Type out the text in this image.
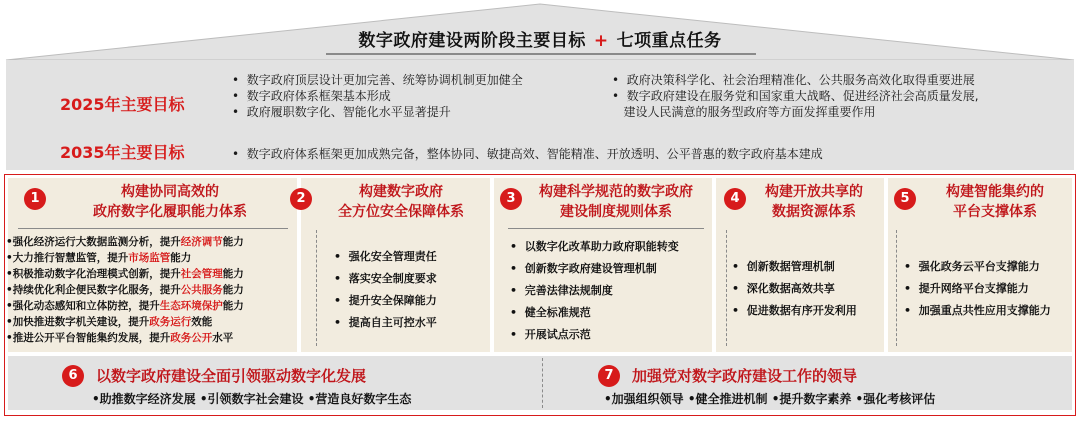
数字政府建设两阶段主要目标 + 七项重点任务
2025年主要目标
• 数字政府顶层设计更加完善、统筹协调机制更加健全
• 数字政府体系框架基本形成
• 政府履职数字化、智能化水平显著提升
• 政府决策科学化、社会治理精准化、公共服务高效化取得重要进展
• 数字政府建设在服务党和国家重大战略、促进经济社会高质量发展,
建设人民满意的服务型政府等方面发挥重要作用
2035年主要目标	• 数字政府体系框架更加成熟完备，整体协同、敏捷高效、智能精准、开放透明、公平普惠的数字政府基本建成
1	构建协同高效的
政府数字化履职能力体系
•强化经济运行大数据监测分析，提升经济调节能力
•大力推行智慧监管，提升市场监管能力
•积极推动数字化治理模式创新，提升社会管理能力
•持续优化利企便民数字化服务，提升公共服务能力
•强化动态感知和立体防控，提升生态环境保护能力
•加快推进数字机关建设，提升政务运行效能
•推进公开平台智能集约发展，提升政务公开水平
2	构建数字政府
全方位安全保障体系
• 强化安全管理责任
• 落实安全制度要求
• 提升安全保障能力
• 提高自主可控水平
3	构建科学规范的数字政府
建设制度规则体系
• 以数字化改革助力政府职能转变
• 创新数字政府建设管理机制
• 完善法律法规制度
• 健全标准规范
• 开展试点示范
4	构建开放共享的
数据资源体系
• 创新数据管理机制
• 深化数据高效共享
• 促进数据有序开发利用
5	构建智能集约的
平台支撑体系
• 强化政务云平台支撑能力
• 提升网络平台支撑能力
• 加强重点共性应用支撑能力
6	以数字政府建设全面引领驱动数字化发展
•助推数字经济发展 •引领数字社会建设 •营造良好数字生态
7	加强党对数字政府建设工作的领导
•加强组织领导 •健全推进机制 •提升数字素养 •强化考核评估
